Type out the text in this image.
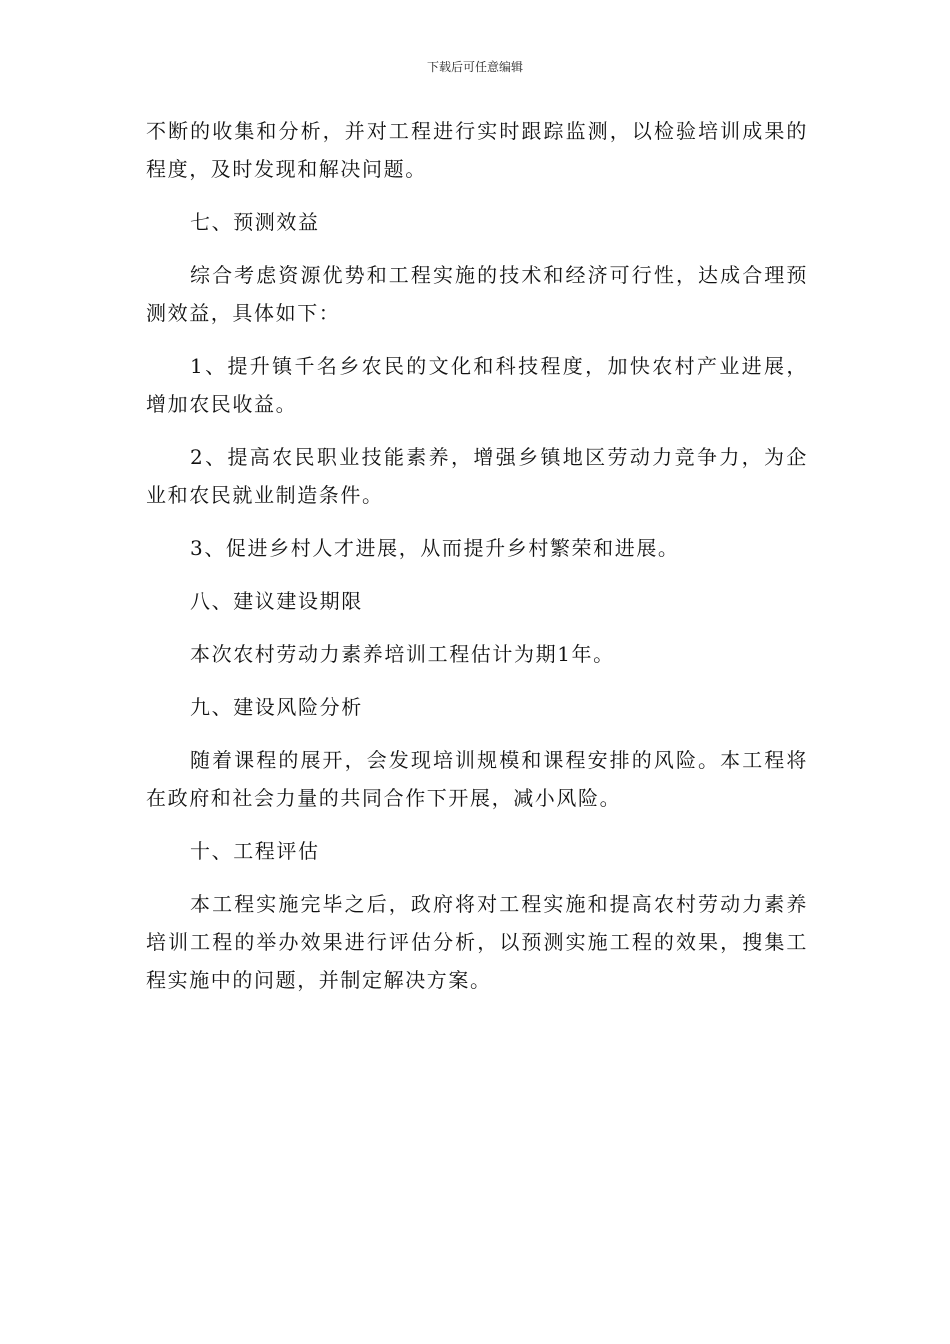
下载后可任意编辑

不断的收集和分析，并对工程进行实时跟踪监测，以检验培训成果的程度，及时发现和解决问题。

七、预测效益

综合考虑资源优势和工程实施的技术和经济可行性，达成合理预测效益，具体如下：

1、提升镇千名乡农民的文化和科技程度，加快农村产业进展，增加农民收益。

2、提高农民职业技能素养，增强乡镇地区劳动力竞争力，为企业和农民就业制造条件。

3、促进乡村人才进展，从而提升乡村繁荣和进展。

八、建议建设期限

本次农村劳动力素养培训工程估计为期1年。

九、建设风险分析

随着课程的展开，会发现培训规模和课程安排的风险。本工程将在政府和社会力量的共同合作下开展，减小风险。

十、工程评估

本工程实施完毕之后，政府将对工程实施和提高农村劳动力素养培训工程的举办效果进行评估分析，以预测实施工程的效果，搜集工程实施中的问题，并制定解决方案。
